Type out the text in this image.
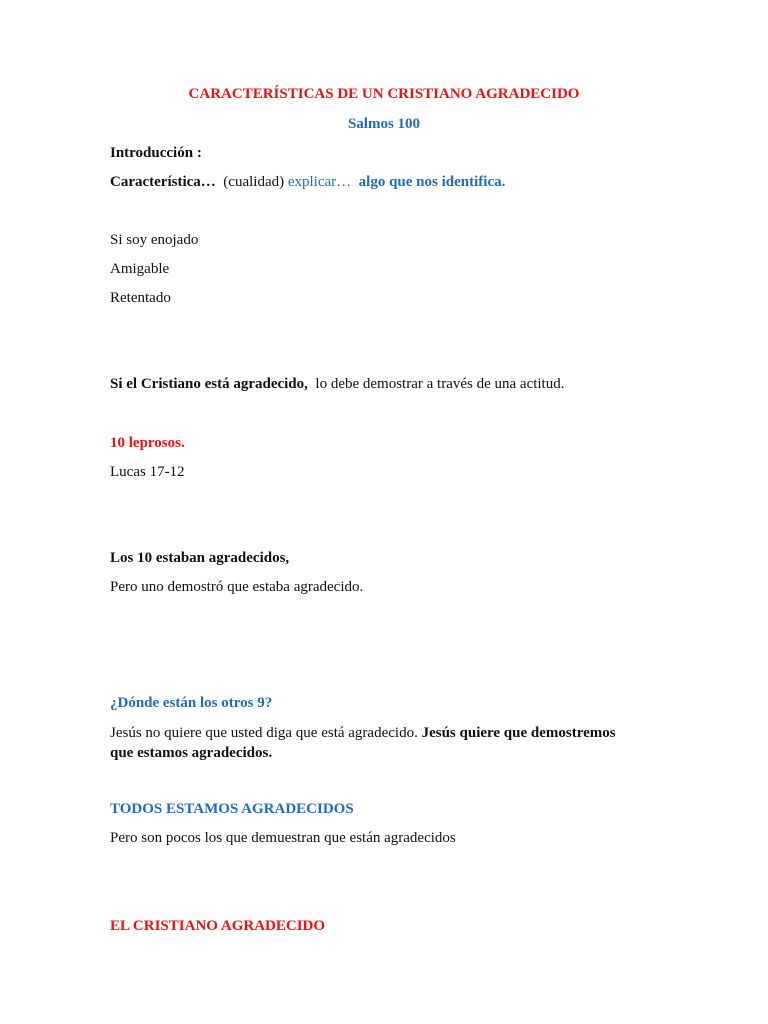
CARACTERÍSTICAS DE UN CRISTIANO AGRADECIDO
Salmos 100
Introducción :
Característica… (cualidad) explicar… algo que nos identifica.
Si soy enojado
Amigable
Retentado
Si el Cristiano está agradecido, lo debe demostrar a través de una actitud.
10 leprosos.
Lucas 17-12
Los 10 estaban agradecidos,
Pero uno demostró que estaba agradecido.
¿Dónde están los otros 9?
Jesús no quiere que usted diga que está agradecido. Jesús quiere que demostremos
que estamos agradecidos.
TODOS ESTAMOS AGRADECIDOS
Pero son pocos los que demuestran que están agradecidos
EL CRISTIANO AGRADECIDO
